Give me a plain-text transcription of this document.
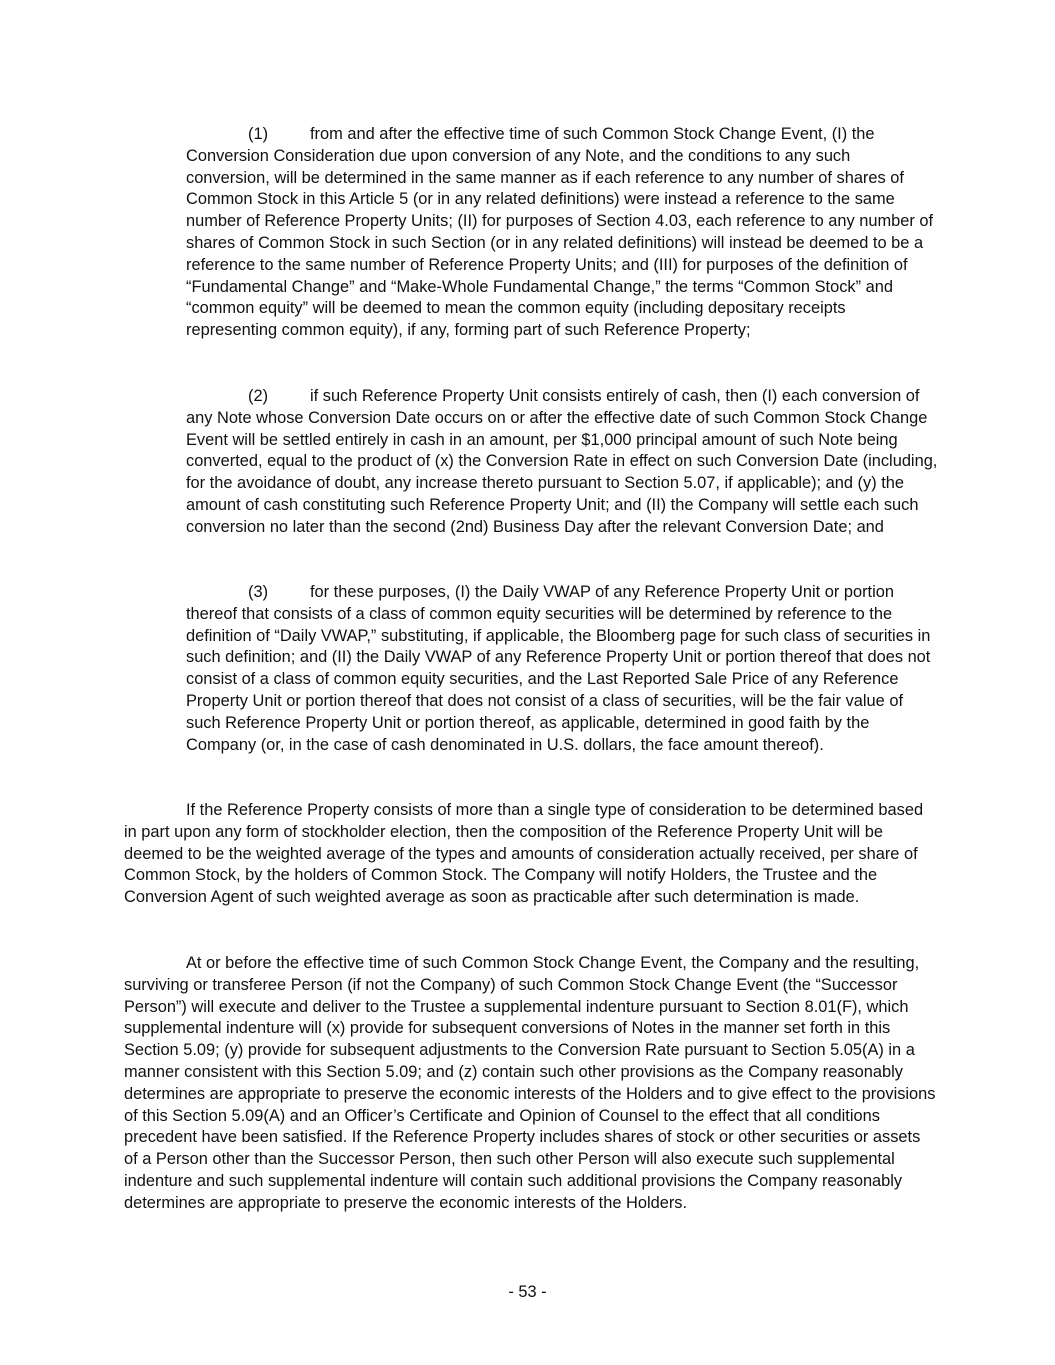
(1)	from and after the effective time of such Common Stock Change Event, (I) the Conversion Consideration due upon conversion of any Note, and the conditions to any such conversion, will be determined in the same manner as if each reference to any number of shares of Common Stock in this Article 5 (or in any related definitions) were instead a reference to the same number of Reference Property Units; (II) for purposes of Section 4.03, each reference to any number of shares of Common Stock in such Section (or in any related definitions) will instead be deemed to be a reference to the same number of Reference Property Units; and (III) for purposes of the definition of “Fundamental Change” and “Make-Whole Fundamental Change,” the terms “Common Stock” and “common equity” will be deemed to mean the common equity (including depositary receipts representing common equity), if any, forming part of such Reference Property;

(2)	if such Reference Property Unit consists entirely of cash, then (I) each conversion of any Note whose Conversion Date occurs on or after the effective date of such Common Stock Change Event will be settled entirely in cash in an amount, per $1,000 principal amount of such Note being converted, equal to the product of (x) the Conversion Rate in effect on such Conversion Date (including, for the avoidance of doubt, any increase thereto pursuant to Section 5.07, if applicable); and (y) the amount of cash constituting such Reference Property Unit; and (II) the Company will settle each such conversion no later than the second (2nd) Business Day after the relevant Conversion Date; and

(3)	for these purposes, (I) the Daily VWAP of any Reference Property Unit or portion thereof that consists of a class of common equity securities will be determined by reference to the definition of “Daily VWAP,” substituting, if applicable, the Bloomberg page for such class of securities in such definition; and (II) the Daily VWAP of any Reference Property Unit or portion thereof that does not consist of a class of common equity securities, and the Last Reported Sale Price of any Reference Property Unit or portion thereof that does not consist of a class of securities, will be the fair value of such Reference Property Unit or portion thereof, as applicable, determined in good faith by the Company (or, in the case of cash denominated in U.S. dollars, the face amount thereof).

If the Reference Property consists of more than a single type of consideration to be determined based in part upon any form of stockholder election, then the composition of the Reference Property Unit will be deemed to be the weighted average of the types and amounts of consideration actually received, per share of Common Stock, by the holders of Common Stock. The Company will notify Holders, the Trustee and the Conversion Agent of such weighted average as soon as practicable after such determination is made.

At or before the effective time of such Common Stock Change Event, the Company and the resulting, surviving or transferee Person (if not the Company) of such Common Stock Change Event (the “Successor Person”) will execute and deliver to the Trustee a supplemental indenture pursuant to Section 8.01(F), which supplemental indenture will (x) provide for subsequent conversions of Notes in the manner set forth in this Section 5.09; (y) provide for subsequent adjustments to the Conversion Rate pursuant to Section 5.05(A) in a manner consistent with this Section 5.09; and (z) contain such other provisions as the Company reasonably determines are appropriate to preserve the economic interests of the Holders and to give effect to the provisions of this Section 5.09(A) and an Officer’s Certificate and Opinion of Counsel to the effect that all conditions precedent have been satisfied. If the Reference Property includes shares of stock or other securities or assets of a Person other than the Successor Person, then such other Person will also execute such supplemental indenture and such supplemental indenture will contain such additional provisions the Company reasonably determines are appropriate to preserve the economic interests of the Holders.

- 53 -
